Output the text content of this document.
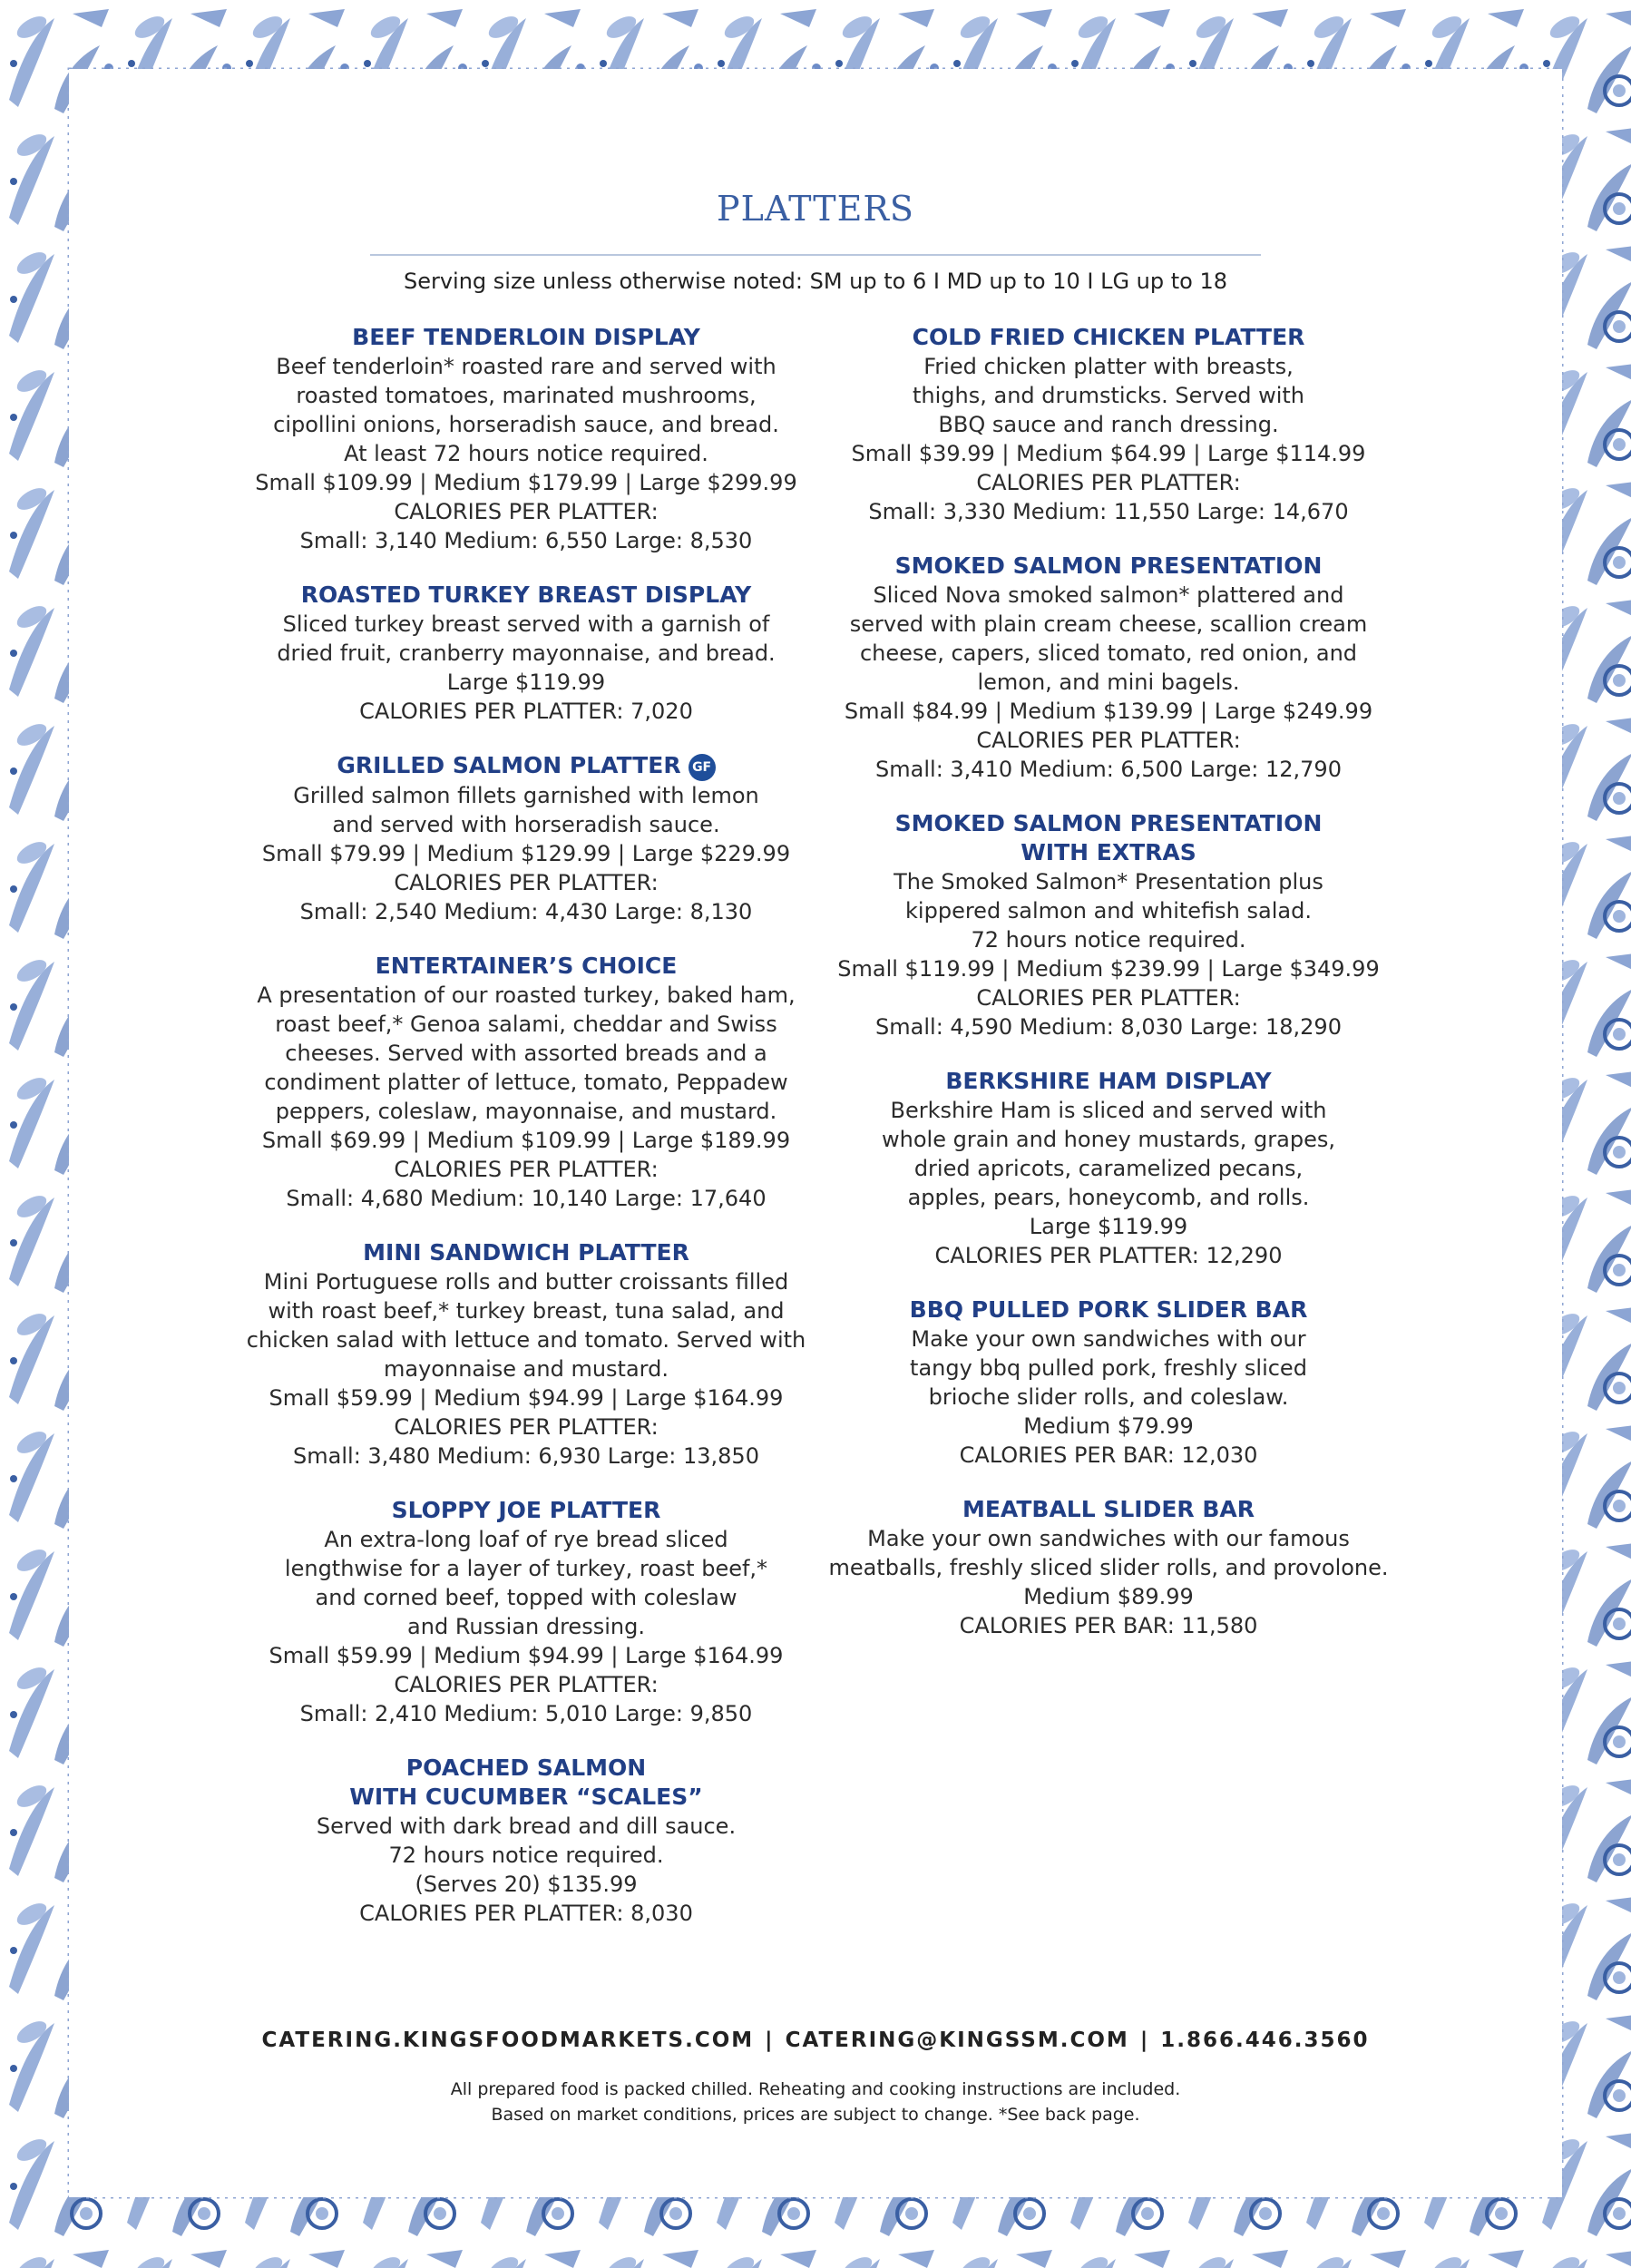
PLATTERS
Serving size unless otherwise noted: SM up to 6 I MD up to 10 I LG up to 18
BEEF TENDERLOIN DISPLAY
Beef tenderloin* roasted rare and served with
roasted tomatoes, marinated mushrooms,
cipollini onions, horseradish sauce, and bread.
At least 72 hours notice required.
Small $109.99 | Medium $179.99 | Large $299.99
CALORIES PER PLATTER:
Small: 3,140 Medium: 6,550 Large: 8,530
ROASTED TURKEY BREAST DISPLAY
Sliced turkey breast served with a garnish of
dried fruit, cranberry mayonnaise, and bread.
Large $119.99
CALORIES PER PLATTER: 7,020
GRILLED SALMON PLATTER GF
Grilled salmon fillets garnished with lemon
and served with horseradish sauce.
Small $79.99 | Medium $129.99 | Large $229.99
CALORIES PER PLATTER:
Small: 2,540 Medium: 4,430 Large: 8,130
ENTERTAINER’S CHOICE
A presentation of our roasted turkey, baked ham,
roast beef,* Genoa salami, cheddar and Swiss
cheeses. Served with assorted breads and a
condiment platter of lettuce, tomato, Peppadew
peppers, coleslaw, mayonnaise, and mustard.
Small $69.99 | Medium $109.99 | Large $189.99
CALORIES PER PLATTER:
Small: 4,680 Medium: 10,140 Large: 17,640
MINI SANDWICH PLATTER
Mini Portuguese rolls and butter croissants filled
with roast beef,* turkey breast, tuna salad, and
chicken salad with lettuce and tomato. Served with
mayonnaise and mustard.
Small $59.99 | Medium $94.99 | Large $164.99
CALORIES PER PLATTER:
Small: 3,480 Medium: 6,930 Large: 13,850
SLOPPY JOE PLATTER
An extra-long loaf of rye bread sliced
lengthwise for a layer of turkey, roast beef,*
and corned beef, topped with coleslaw
and Russian dressing.
Small $59.99 | Medium $94.99 | Large $164.99
CALORIES PER PLATTER:
Small: 2,410 Medium: 5,010 Large: 9,850
POACHED SALMON
WITH CUCUMBER “SCALES”
Served with dark bread and dill sauce.
72 hours notice required.
(Serves 20) $135.99
CALORIES PER PLATTER: 8,030
COLD FRIED CHICKEN PLATTER
Fried chicken platter with breasts,
thighs, and drumsticks. Served with
BBQ sauce and ranch dressing.
Small $39.99 | Medium $64.99 | Large $114.99
CALORIES PER PLATTER:
Small: 3,330 Medium: 11,550 Large: 14,670
SMOKED SALMON PRESENTATION
Sliced Nova smoked salmon* plattered and
served with plain cream cheese, scallion cream
cheese, capers, sliced tomato, red onion, and
lemon, and mini bagels.
Small $84.99 | Medium $139.99 | Large $249.99
CALORIES PER PLATTER:
Small: 3,410 Medium: 6,500 Large: 12,790
SMOKED SALMON PRESENTATION
WITH EXTRAS
The Smoked Salmon* Presentation plus
kippered salmon and whitefish salad.
72 hours notice required.
Small $119.99 | Medium $239.99 | Large $349.99
CALORIES PER PLATTER:
Small: 4,590 Medium: 8,030 Large: 18,290
BERKSHIRE HAM DISPLAY
Berkshire Ham is sliced and served with
whole grain and honey mustards, grapes,
dried apricots, caramelized pecans,
apples, pears, honeycomb, and rolls.
Large $119.99
CALORIES PER PLATTER: 12,290
BBQ PULLED PORK SLIDER BAR
Make your own sandwiches with our
tangy bbq pulled pork, freshly sliced
brioche slider rolls, and coleslaw.
Medium $79.99
CALORIES PER BAR: 12,030
MEATBALL SLIDER BAR
Make your own sandwiches with our famous
meatballs, freshly sliced slider rolls, and provolone.
Medium $89.99
CALORIES PER BAR: 11,580
CATERING.KINGSFOODMARKETS.COM | CATERING@KINGSSM.COM | 1.866.446.3560
All prepared food is packed chilled. Reheating and cooking instructions are included.
Based on market conditions, prices are subject to change. *See back page.
